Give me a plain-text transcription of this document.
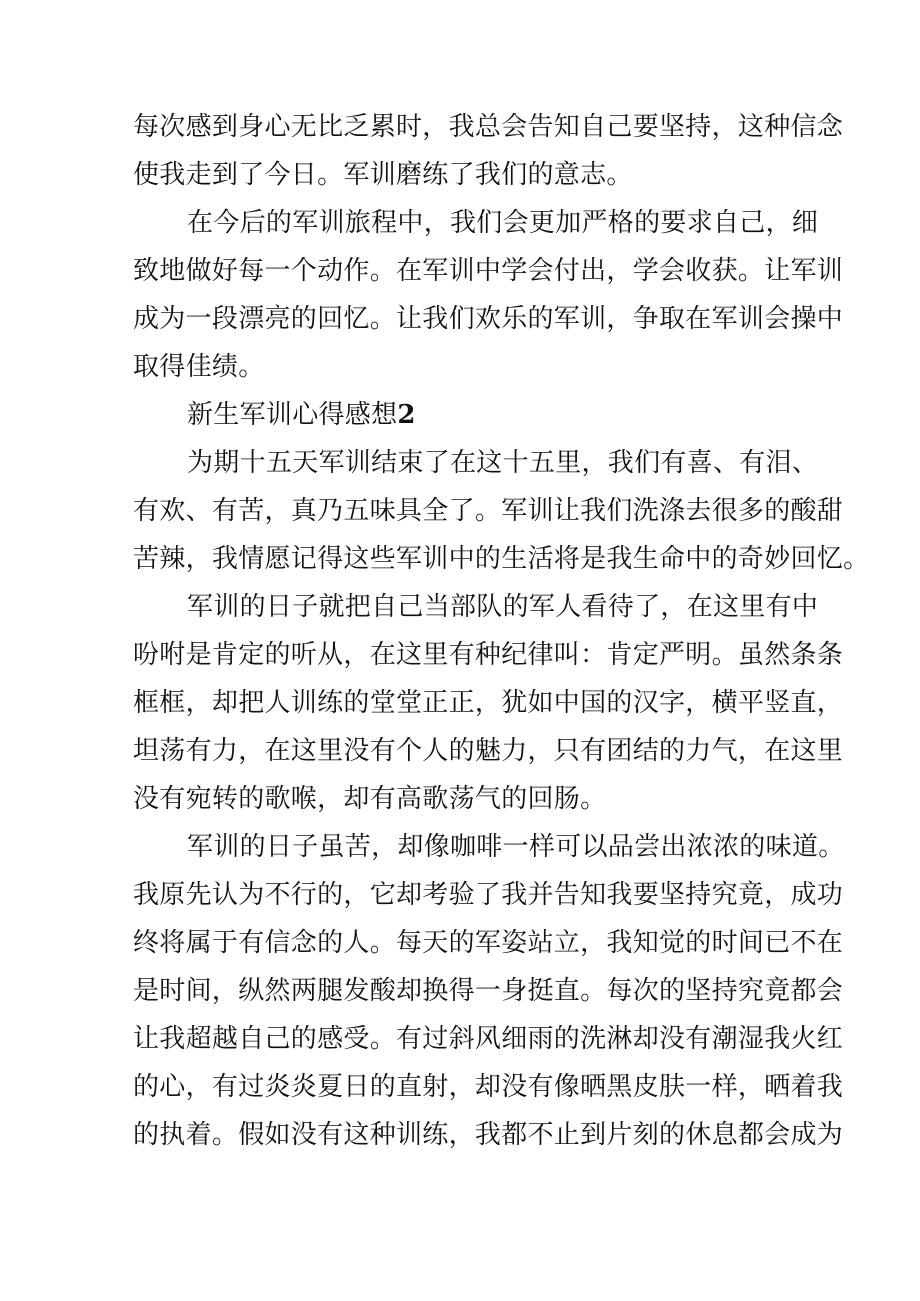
每次感到身心无比乏累时，我总会告知自己要坚持，这种信念
使我走到了今日。军训磨练了我们的意志。
在今后的军训旅程中，我们会更加严格的要求自己，细
致地做好每一个动作。在军训中学会付出，学会收获。让军训
成为一段漂亮的回忆。让我们欢乐的军训，争取在军训会操中
取得佳绩。
新生军训心得感想2
为期十五天军训结束了在这十五里，我们有喜、有泪、
有欢、有苦，真乃五味具全了。军训让我们洗涤去很多的酸甜
苦辣，我情愿记得这些军训中的生活将是我生命中的奇妙回忆。
军训的日子就把自己当部队的军人看待了，在这里有中
吩咐是肯定的听从，在这里有种纪律叫：肯定严明。虽然条条
框框，却把人训练的堂堂正正，犹如中国的汉字，横平竖直，
坦荡有力，在这里没有个人的魅力，只有团结的力气，在这里
没有宛转的歌喉，却有高歌荡气的回肠。
军训的日子虽苦，却像咖啡一样可以品尝出浓浓的味道。
我原先认为不行的，它却考验了我并告知我要坚持究竟，成功
终将属于有信念的人。每天的军姿站立，我知觉的时间已不在
是时间，纵然两腿发酸却换得一身挺直。每次的坚持究竟都会
让我超越自己的感受。有过斜风细雨的洗淋却没有潮湿我火红
的心，有过炎炎夏日的直射，却没有像晒黑皮肤一样，晒着我
的执着。假如没有这种训练，我都不止到片刻的休息都会成为
